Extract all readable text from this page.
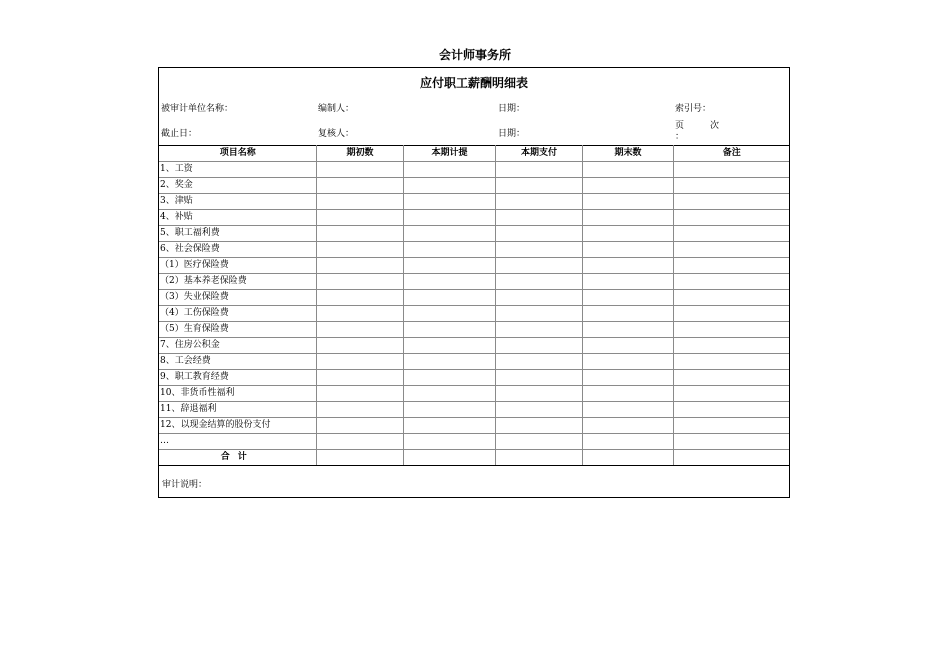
会计师事务所
应付职工薪酬明细表
被审计单位名称：	编制人：	日期：	索引号：
截止日：	复核人：	日期：
页
：
次
项目名称	期初数	本期计提	本期支付	期末数	备注
1、工资					
2、奖金					
3、津贴					
4、补贴					
5、职工福利费					
6、社会保险费					
（1）医疗保险费					
（2）基本养老保险费					
（3）失业保险费					
（4）工伤保险费					
（5）生育保险费					
7、住房公积金					
8、工会经费					
9、职工教育经费					
10、非货币性福利					
11、辞退福利					
12、以现金结算的股份支付					
…					
合计					
审计说明：
